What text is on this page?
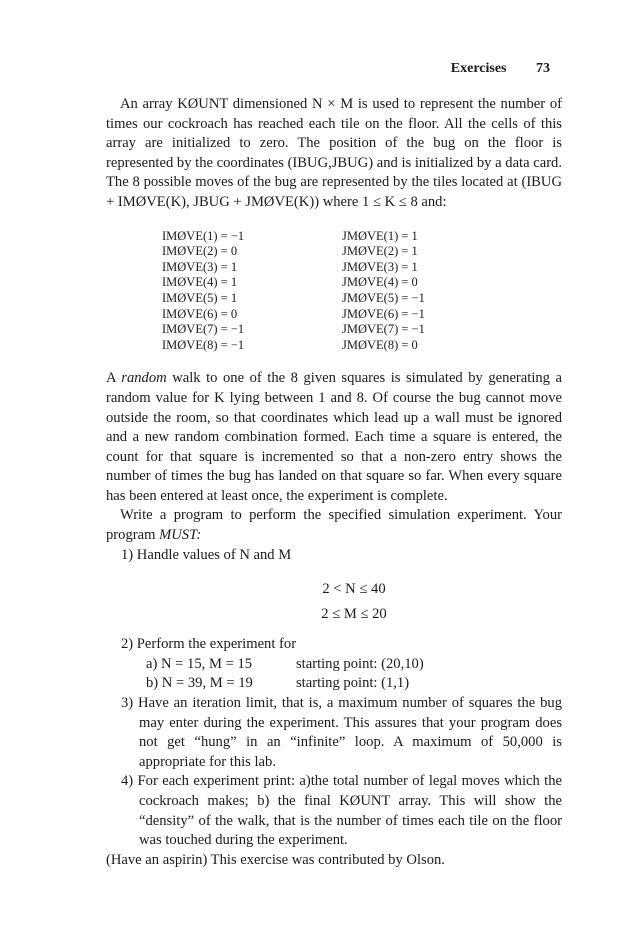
Exercises 73

An array KØUNT dimensioned N × M is used to represent the number of times our cockroach has reached each tile on the floor. All the cells of this array are initialized to zero. The position of the bug on the floor is represented by the coordinates (IBUG,JBUG) and is initialized by a data card. The 8 possible moves of the bug are represented by the tiles located at (IBUG + IMØVE(K), JBUG + JMØVE(K)) where 1 ≤ K ≤ 8 and:

IMØVE(1) = −1
IMØVE(2) = 0
IMØVE(3) = 1
IMØVE(4) = 1
IMØVE(5) = 1
IMØVE(6) = 0
IMØVE(7) = −1
IMØVE(8) = −1
JMØVE(1) = 1
JMØVE(2) = 1
JMØVE(3) = 1
JMØVE(4) = 0
JMØVE(5) = −1
JMØVE(6) = −1
JMØVE(7) = −1
JMØVE(8) = 0

A random walk to one of the 8 given squares is simulated by generating a random value for K lying between 1 and 8. Of course the bug cannot move outside the room, so that coordinates which lead up a wall must be ignored and a new random combination formed. Each time a square is entered, the count for that square is incremented so that a non-zero entry shows the number of times the bug has landed on that square so far. When every square has been entered at least once, the experiment is complete.

Write a program to perform the specified simulation experiment. Your program MUST:

1) Handle values of N and M
2 < N ≤ 40
2 ≤ M ≤ 20
2) Perform the experiment for
a) N = 15, M = 15	starting point: (20,10)
b) N = 39, M = 19	starting point: (1,1)
3) Have an iteration limit, that is, a maximum number of squares the bug may enter during the experiment. This assures that your program does not get “hung” in an “infinite” loop. A maximum of 50,000 is appropriate for this lab.
4) For each experiment print: a)the total number of legal moves which the cockroach makes; b) the final KØUNT array. This will show the “density” of the walk, that is the number of times each tile on the floor was touched during the experiment.

(Have an aspirin) This exercise was contributed by Olson.
